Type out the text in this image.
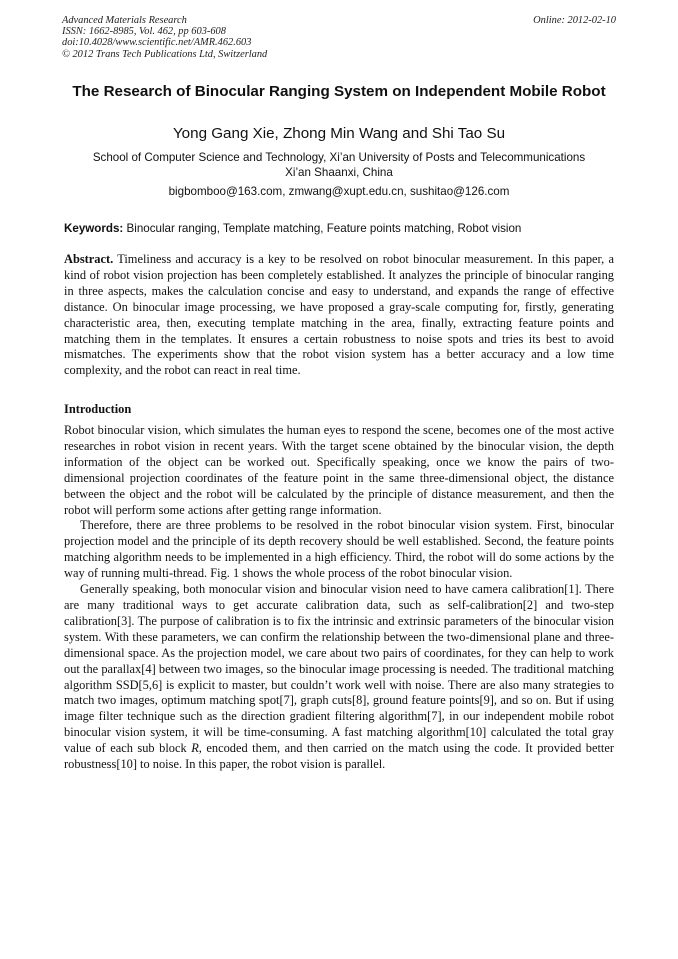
Advanced Materials Research
ISSN: 1662-8985, Vol. 462, pp 603-608
doi:10.4028/www.scientific.net/AMR.462.603
© 2012 Trans Tech Publications Ltd, Switzerland
Online: 2012-02-10
The Research of Binocular Ranging System on Independent Mobile Robot
Yong Gang Xie, Zhong Min Wang and Shi Tao Su
School of Computer Science and Technology, Xi’an University of Posts and Telecommunications
Xi’an Shaanxi, China
bigbomboo@163.com, zmwang@xupt.edu.cn, sushitao@126.com
Keywords: Binocular ranging, Template matching, Feature points matching, Robot vision

Abstract. Timeliness and accuracy is a key to be resolved on robot binocular measurement. In this paper, a kind of robot vision projection has been completely established. It analyzes the principle of binocular ranging in three aspects, makes the calculation concise and easy to understand, and expands the range of effective distance. On binocular image processing, we have proposed a gray-scale computing for, firstly, generating characteristic area, then, executing template matching in the area, finally, extracting feature points and matching them in the templates. It ensures a certain robustness to noise spots and tries its best to avoid mismatches. The experiments show that the robot vision system has a better accuracy and a low time complexity, and the robot can react in real time.

Introduction

Robot binocular vision, which simulates the human eyes to respond the scene, becomes one of the most active researches in robot vision in recent years. With the target scene obtained by the binocular vision, the depth information of the object can be worked out. Specifically speaking, once we know the pairs of two-dimensional projection coordinates of the feature point in the same three-dimensional object, the distance between the object and the robot will be calculated by the principle of distance measurement, and then the robot will perform some actions after getting range information.

Therefore, there are three problems to be resolved in the robot binocular vision system. First, binocular projection model and the principle of its depth recovery should be well established. Second, the feature points matching algorithm needs to be implemented in a high efficiency. Third, the robot will do some actions by the way of running multi-thread. Fig. 1 shows the whole process of the robot binocular vision.

Generally speaking, both monocular vision and binocular vision need to have camera calibration[1]. There are many traditional ways to get accurate calibration data, such as self-calibration[2] and two-step calibration[3]. The purpose of calibration is to fix the intrinsic and extrinsic parameters of the binocular vision system. With these parameters, we can confirm the relationship between the two-dimensional plane and three-dimensional space. As the projection model, we care about two pairs of coordinates, for they can help to work out the parallax[4] between two images, so the binocular image processing is needed. The traditional matching algorithm SSD[5,6] is explicit to master, but couldn’t work well with noise. There are also many strategies to match two images, optimum matching spot[7], graph cuts[8], ground feature points[9], and so on. But if using image filter technique such as the direction gradient filtering algorithm[7], in our independent mobile robot binocular vision system, it will be time-consuming. A fast matching algorithm[10] calculated the total gray value of each sub block R, encoded them, and then carried on the match using the code. It provided better robustness[10] to noise. In this paper, the robot vision is parallel.
